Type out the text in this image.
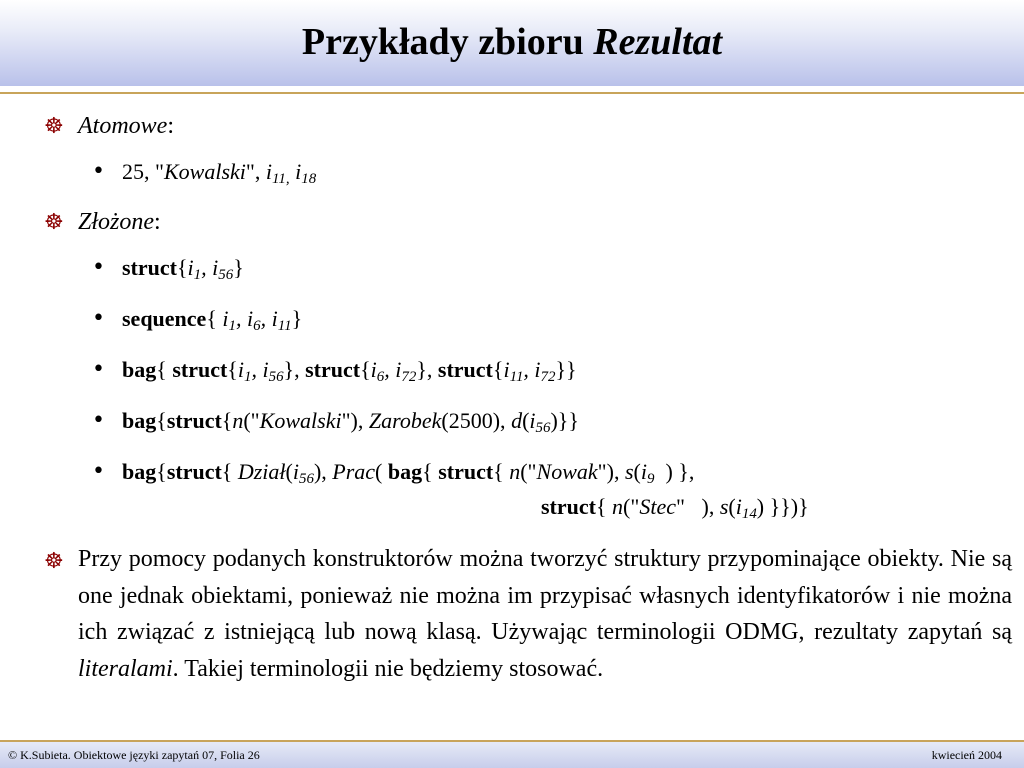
Przykłady zbioru Rezultat
☸ Atomowe:
• 25, "Kowalski", $i_{11,}$ $i_{18}$
☸ Złożone:
• $struct\{i_1$, $i_{56}$}
• sequence{ $i_1$, $i_6$, $i_{11}$}
• bag{ $struct\{i_1$, $i_{56}$}, $struct\{i_6$, $i_{72}$}, $struct\{i_{11}$, $i_{72}$}}
• bag{struct{n("Kowalski"), Zarobek(2500), $d(i_{56})$}}
• bag{struct{ $Dział(i_{56})$, Prac( bag{ struct{ n("Nowak"), $s(i_9$  ) },
struct{ n("Stec"   ), $s(i_{14})$ }})}
☸ Przy pomocy podanych konstruktorów można tworzyć struktury przypominające obiekty. Nie są one jednak obiektami, ponieważ nie można im przypisać własnych identyfikatorów i nie można ich związać z istniejącą lub nową klasą. Używając terminologii ODMG, rezultaty zapytań są literalami. Takiej terminologii nie będziemy stosować.
© K.Subieta. Obiektowe języki zapytań 07, Folia 26	kwiecień 2004
